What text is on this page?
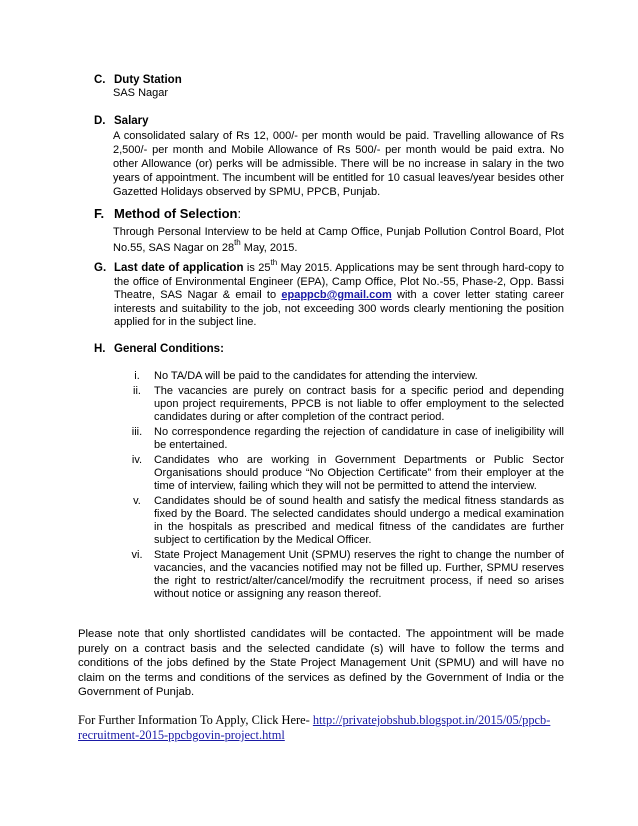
C. Duty Station
SAS Nagar
D. Salary
A consolidated salary of Rs 12, 000/- per month would be paid. Travelling allowance of Rs 2,500/- per month and Mobile Allowance of Rs 500/- per month would be paid extra. No other Allowance (or) perks will be admissible. There will be no increase in salary in the two years of appointment. The incumbent will be entitled for 10 casual leaves/year besides other Gazetted Holidays observed by SPMU, PPCB, Punjab.
F. Method of Selection:
Through Personal Interview to be held at Camp Office, Punjab Pollution Control Board, Plot No.55, SAS Nagar on 28th May, 2015.
G. Last date of application is 25th May 2015. Applications may be sent through hard-copy to the office of Environmental Engineer (EPA), Camp Office, Plot No.-55, Phase-2, Opp. Bassi Theatre, SAS Nagar & email to epappcb@gmail.com with a cover letter stating career interests and suitability to the job, not exceeding 300 words clearly mentioning the position applied for in the subject line.
H. General Conditions:
i.	No TA/DA will be paid to the candidates for attending the interview.
ii.	The vacancies are purely on contract basis for a specific period and depending upon project requirements, PPCB is not liable to offer employment to the selected candidates during or after completion of the contract period.
iii.	No correspondence regarding the rejection of candidature in case of ineligibility will be entertained.
iv.	Candidates who are working in Government Departments or Public Sector Organisations should produce “No Objection Certificate” from their employer at the time of interview, failing which they will not be permitted to attend the interview.
v.	Candidates should be of sound health and satisfy the medical fitness standards as fixed by the Board. The selected candidates should undergo a medical examination in the hospitals as prescribed and medical fitness of the candidates are further subject to certification by the Medical Officer.
vi.	State Project Management Unit (SPMU) reserves the right to change the number of vacancies, and the vacancies notified may not be filled up. Further, SPMU reserves the right to restrict/alter/cancel/modify the recruitment process, if need so arises without notice or assigning any reason thereof.
Please note that only shortlisted candidates will be contacted. The appointment will be made purely on a contract basis and the selected candidate (s) will have to follow the terms and conditions of the jobs defined by the State Project Management Unit (SPMU) and will have no claim on the terms and conditions of the services as defined by the Government of India or the Government of Punjab.
For Further Information To Apply, Click Here- http://privatejobshub.blogspot.in/2015/05/ppcb-recruitment-2015-ppcbgovin-project.html
